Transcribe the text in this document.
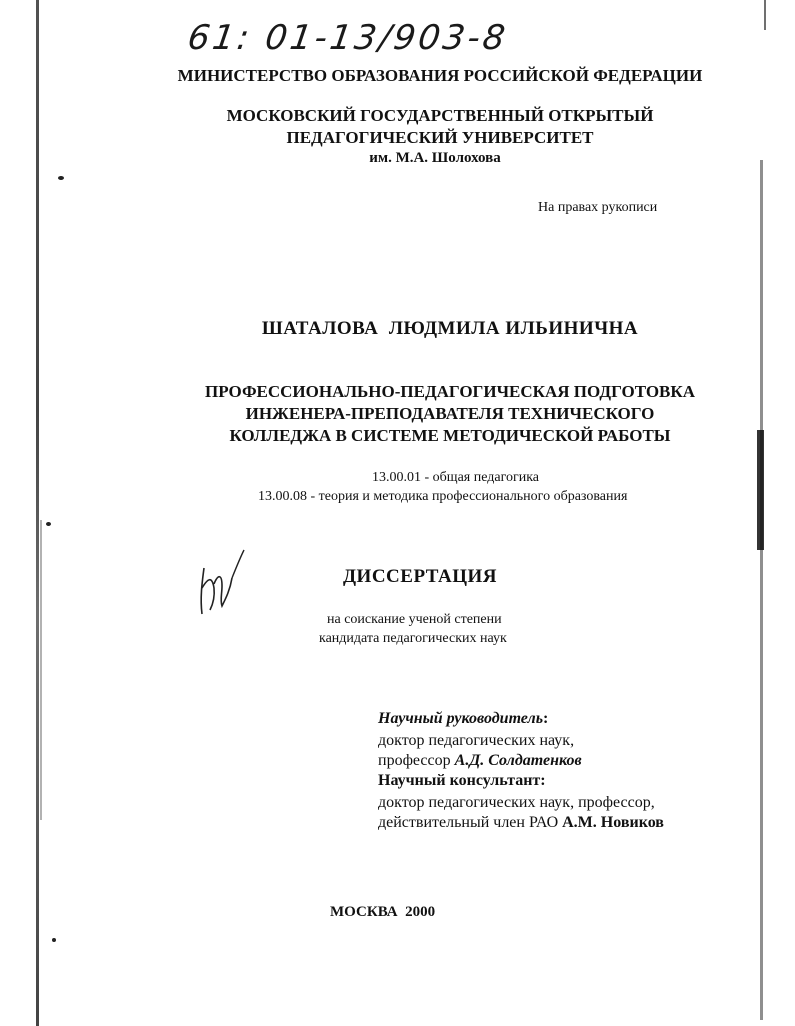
61: 01-13/903-8
МИНИСТЕРСТВО ОБРАЗОВАНИЯ РОССИЙСКОЙ ФЕДЕРАЦИИ
МОСКОВСКИЙ ГОСУДАРСТВЕННЫЙ ОТКРЫТЫЙ
ПЕДАГОГИЧЕСКИЙ УНИВЕРСИТЕТ
им. М.А. Шолохова
На правах рукописи
ШАТАЛОВА  ЛЮДМИЛА ИЛЬИНИЧНА
ПРОФЕССИОНАЛЬНО-ПЕДАГОГИЧЕСКАЯ ПОДГОТОВКА
ИНЖЕНЕРА-ПРЕПОДАВАТЕЛЯ ТЕХНИЧЕСКОГО
КОЛЛЕДЖА В СИСТЕМЕ МЕТОДИЧЕСКОЙ РАБОТЫ
13.00.01 - общая педагогика
13.00.08 - теория и методика профессионального образования
ДИССЕРТАЦИЯ
на соискание ученой степени
кандидата педагогических наук
Научный руководитель:
доктор педагогических наук,
профессор А.Д. Солдатенков
Научный консультант:
доктор педагогических наук, профессор,
действительный член РАО А.М. Новиков
МОСКВА  2000
